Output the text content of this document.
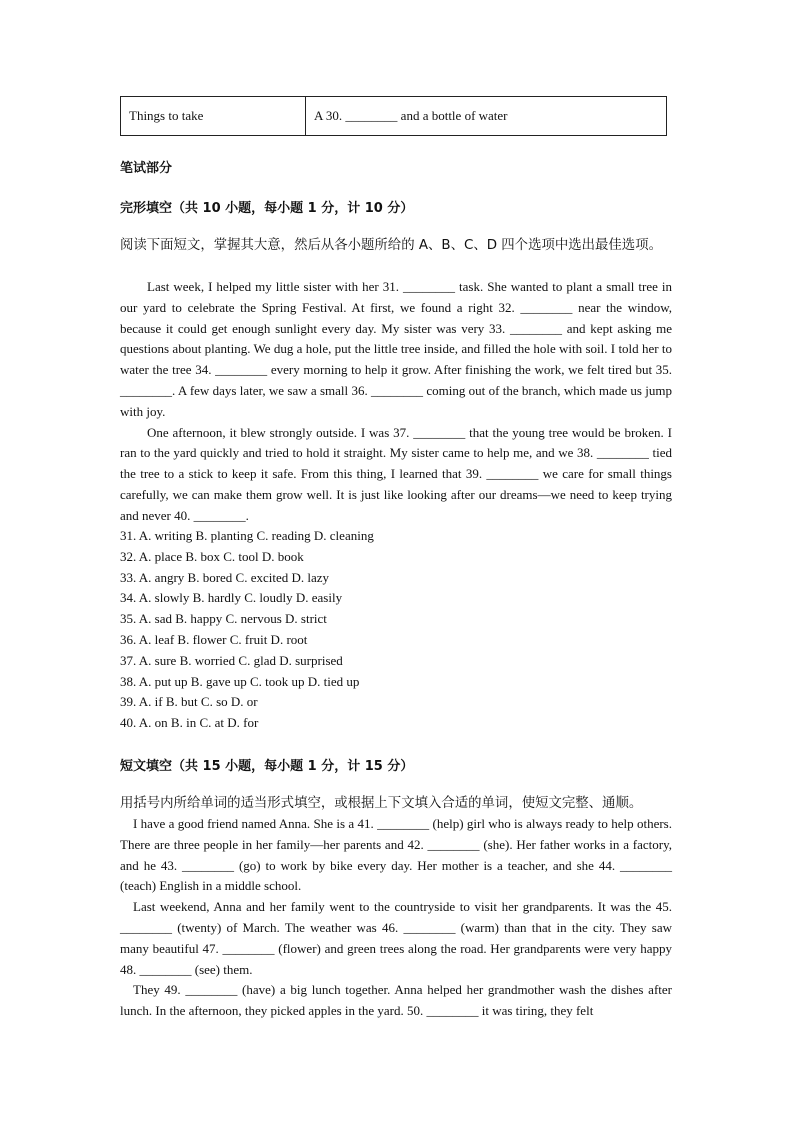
Things to take	A 30. ________ and a bottle of water
笔试部分
完形填空（共 10 小题，每小题 1 分，计 10 分）
阅读下面短文，掌握其大意，然后从各小题所给的 A、B、C、D 四个选项中选出最佳选项。

Last week, I helped my little sister with her 31. ________ task. She wanted to plant a small tree in our yard to celebrate the Spring Festival. At first, we found a right 32. ________ near the window, because it could get enough sunlight every day. My sister was very 33. ________ and kept asking me questions about planting. We dug a hole, put the little tree inside, and filled the hole with soil. I told her to water the tree 34. ________ every morning to help it grow. After finishing the work, we felt tired but 35. ________. A few days later, we saw a small 36. ________ coming out of the branch, which made us jump with joy.

One afternoon, it blew strongly outside. I was 37. ________ that the young tree would be broken. I ran to the yard quickly and tried to hold it straight. My sister came to help me, and we 38. ________ tied the tree to a stick to keep it safe. From this thing, I learned that 39. ________ we care for small things carefully, we can make them grow well. It is just like looking after our dreams—we need to keep trying and never 40. ________.

31. A. writing B. planting C. reading D. cleaning
32. A. place B. box C. tool D. book
33. A. angry B. bored C. excited D. lazy
34. A. slowly B. hardly C. loudly D. easily
35. A. sad B. happy C. nervous D. strict
36. A. leaf B. flower C. fruit D. root
37. A. sure B. worried C. glad D. surprised
38. A. put up B. gave up C. took up D. tied up
39. A. if B. but C. so D. or
40. A. on B. in C. at D. for
短文填空（共 15 小题，每小题 1 分，计 15 分）
用括号内所给单词的适当形式填空，或根据上下文填入合适的单词，使短文完整、通顺。

I have a good friend named Anna. She is a 41. ________ (help) girl who is always ready to help others. There are three people in her family—her parents and 42. ________ (she). Her father works in a factory, and he 43. ________ (go) to work by bike every day. Her mother is a teacher, and she 44. ________ (teach) English in a middle school.

Last weekend, Anna and her family went to the countryside to visit her grandparents. It was the 45. ________ (twenty) of March. The weather was 46. ________ (warm) than that in the city. They saw many beautiful 47. ________ (flower) and green trees along the road. Her grandparents were very happy 48. ________ (see) them.

They 49. ________ (have) a big lunch together. Anna helped her grandmother wash the dishes after lunch. In the afternoon, they picked apples in the yard. 50. ________ it was tiring, they felt
